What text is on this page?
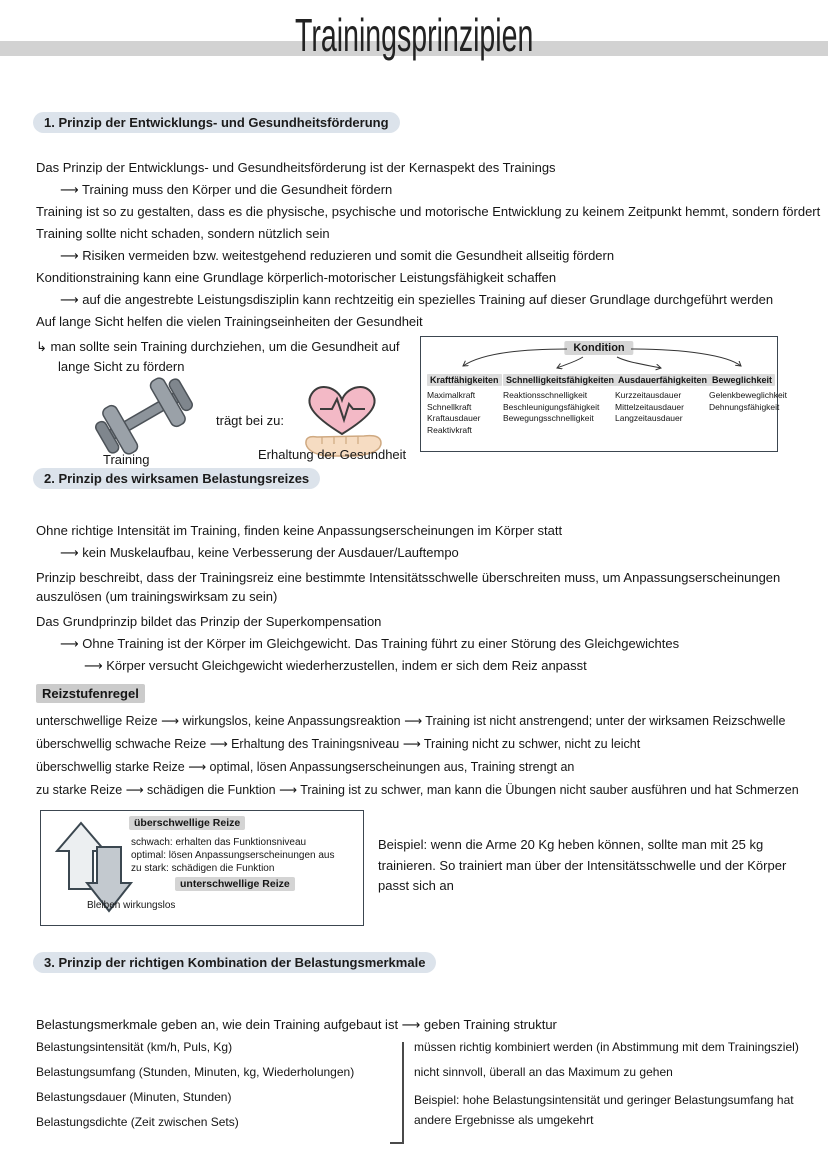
Trainingsprinzipien
1. Prinzip der Entwicklungs- und Gesundheitsförderung

Das Prinzip der Entwicklungs- und Gesundheitsförderung ist der Kernaspekt des Trainings

⟶ Training muss den Körper und die Gesundheit fördern

Training ist so zu gestalten, dass es die physische, psychische und motorische Entwicklung zu keinem Zeitpunkt hemmt, sondern fördert

Training sollte nicht schaden, sondern nützlich sein

⟶ Risiken vermeiden bzw. weitestgehend reduzieren und somit die Gesundheit allseitig fördern

Konditionstraining kann eine Grundlage körperlich-motorischer Leistungsfähigkeit schaffen

⟶ auf die angestrebte Leistungsdisziplin kann rechtzeitig ein spezielles Training auf dieser Grundlage durchgeführt werden

Auf lange Sicht helfen die vielen Trainingseinheiten der Gesundheit

↳ man sollte sein Training durchziehen, um die Gesundheit auf lange Sicht zu fördern

trägt bei zu:
Training	Erhaltung der Gesundheit
Kondition
Kraftfähigkeiten
Maximalkraft
Schnellkraft
Kraftausdauer
Reaktivkraft
Schnelligkeitsfähigkeiten
Reaktionsschnelligkeit
Beschleunigungsfähigkeit
Bewegungsschnelligkeit
Ausdauerfähigkeiten
Kurzzeitausdauer
Mittelzeitausdauer
Langzeitausdauer
Beweglichkeit
Gelenkbeweglichkeit
Dehnungsfähigkeit
2. Prinzip des wirksamen Belastungsreizes

Ohne richtige Intensität im Training, finden keine Anpassungserscheinungen im Körper statt

⟶ kein Muskelaufbau, keine Verbesserung der Ausdauer/Lauftempo

Prinzip beschreibt, dass der Trainingsreiz eine bestimmte Intensitätsschwelle überschreiten muss, um Anpassungserscheinungen auszulösen (um trainingswirksam zu sein)

Das Grundprinzip bildet das Prinzip der Superkompensation

⟶ Ohne Training ist der Körper im Gleichgewicht. Das Training führt zu einer Störung des Gleichgewichtes

⟶ Körper versucht Gleichgewicht wiederherzustellen, indem er sich dem Reiz anpasst

Reizstufenregel

unterschwellige Reize ⟶ wirkungslos, keine Anpassungsreaktion ⟶ Training ist nicht anstrengend; unter der wirksamen Reizschwelle

überschwellig schwache Reize ⟶ Erhaltung des Trainingsniveau ⟶ Training nicht zu schwer, nicht zu leicht

überschwellig starke Reize ⟶ optimal, lösen Anpassungserscheinungen aus, Training strengt an

zu starke Reize ⟶ schädigen die Funktion ⟶ Training ist zu schwer, man kann die Übungen nicht sauber ausführen und hat Schmerzen

überschwellige Reize
schwach: erhalten das Funktionsniveau
optimal: lösen Anpassungserscheinungen aus
zu stark: schädigen die Funktion
unterschwellige Reize
Bleiben wirkungslos

Beispiel: wenn die Arme 20 Kg heben können, sollte man mit 25 kg trainieren. So trainiert man über der Intensitätsschwelle und der Körper passt sich an

3. Prinzip der richtigen Kombination der Belastungsmerkmale

Belastungsmerkmale geben an, wie dein Training aufgebaut ist ⟶ geben Training struktur

Belastungsintensität (km/h, Puls, Kg)

Belastungsumfang (Stunden, Minuten, kg, Wiederholungen)

Belastungsdauer (Minuten, Stunden)

Belastungsdichte (Zeit zwischen Sets)

müssen richtig kombiniert werden (in Abstimmung mit dem Trainingsziel)

nicht sinnvoll, überall an das Maximum zu gehen

Beispiel: hohe Belastungsintensität und geringer Belastungsumfang hat andere Ergebnisse als umgekehrt
